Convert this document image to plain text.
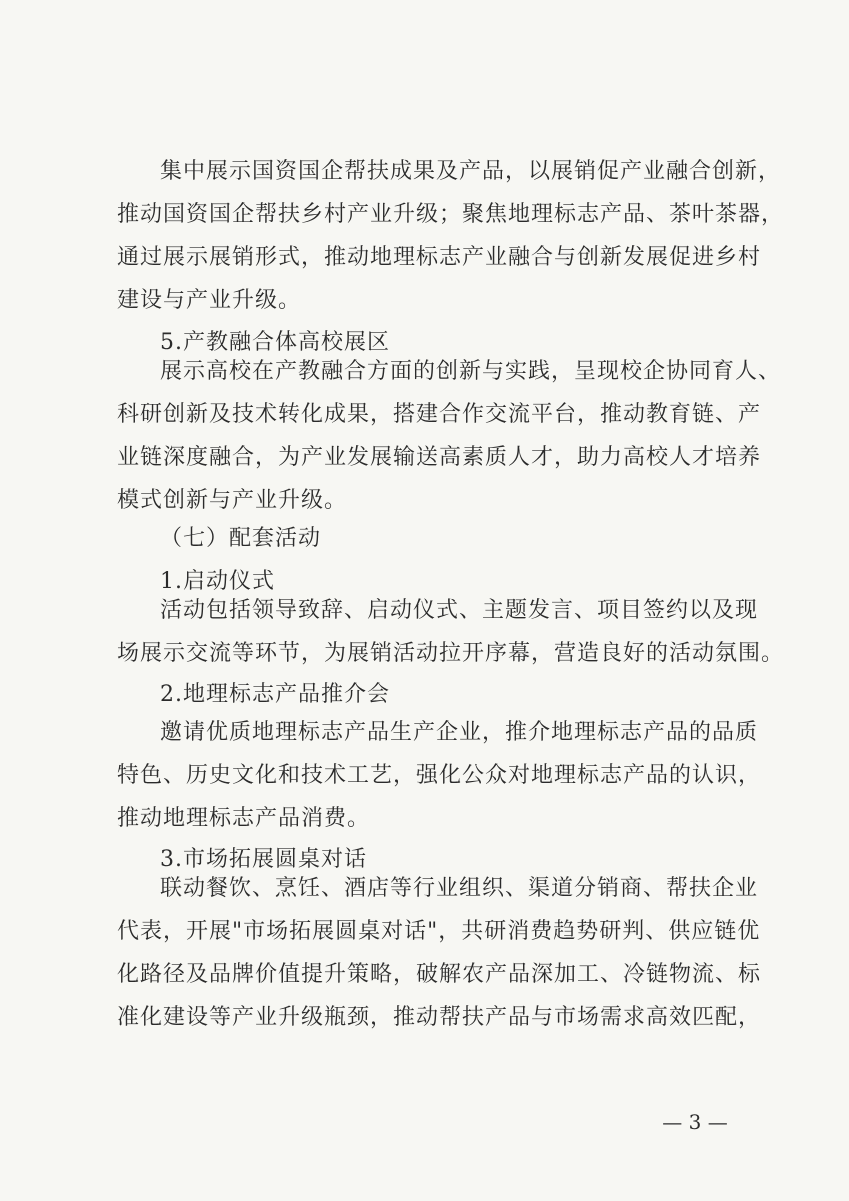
集中展示国资国企帮扶成果及产品，以展销促产业融合创新，
推动国资国企帮扶乡村产业升级；聚焦地理标志产品、茶叶茶器，
通过展示展销形式，推动地理标志产业融合与创新发展促进乡村
建设与产业升级。
5.产教融合体高校展区
展示高校在产教融合方面的创新与实践，呈现校企协同育人、
科研创新及技术转化成果，搭建合作交流平台，推动教育链、产
业链深度融合，为产业发展输送高素质人才，助力高校人才培养
模式创新与产业升级。
（七）配套活动
1.启动仪式
活动包括领导致辞、启动仪式、主题发言、项目签约以及现
场展示交流等环节，为展销活动拉开序幕，营造良好的活动氛围。
2.地理标志产品推介会
邀请优质地理标志产品生产企业，推介地理标志产品的品质
特色、历史文化和技术工艺，强化公众对地理标志产品的认识，
推动地理标志产品消费。
3.市场拓展圆桌对话
联动餐饮、烹饪、酒店等行业组织、渠道分销商、帮扶企业
代表，开展"市场拓展圆桌对话"，共研消费趋势研判、供应链优
化路径及品牌价值提升策略，破解农产品深加工、冷链物流、标
准化建设等产业升级瓶颈，推动帮扶产品与市场需求高效匹配，
— 3 —
